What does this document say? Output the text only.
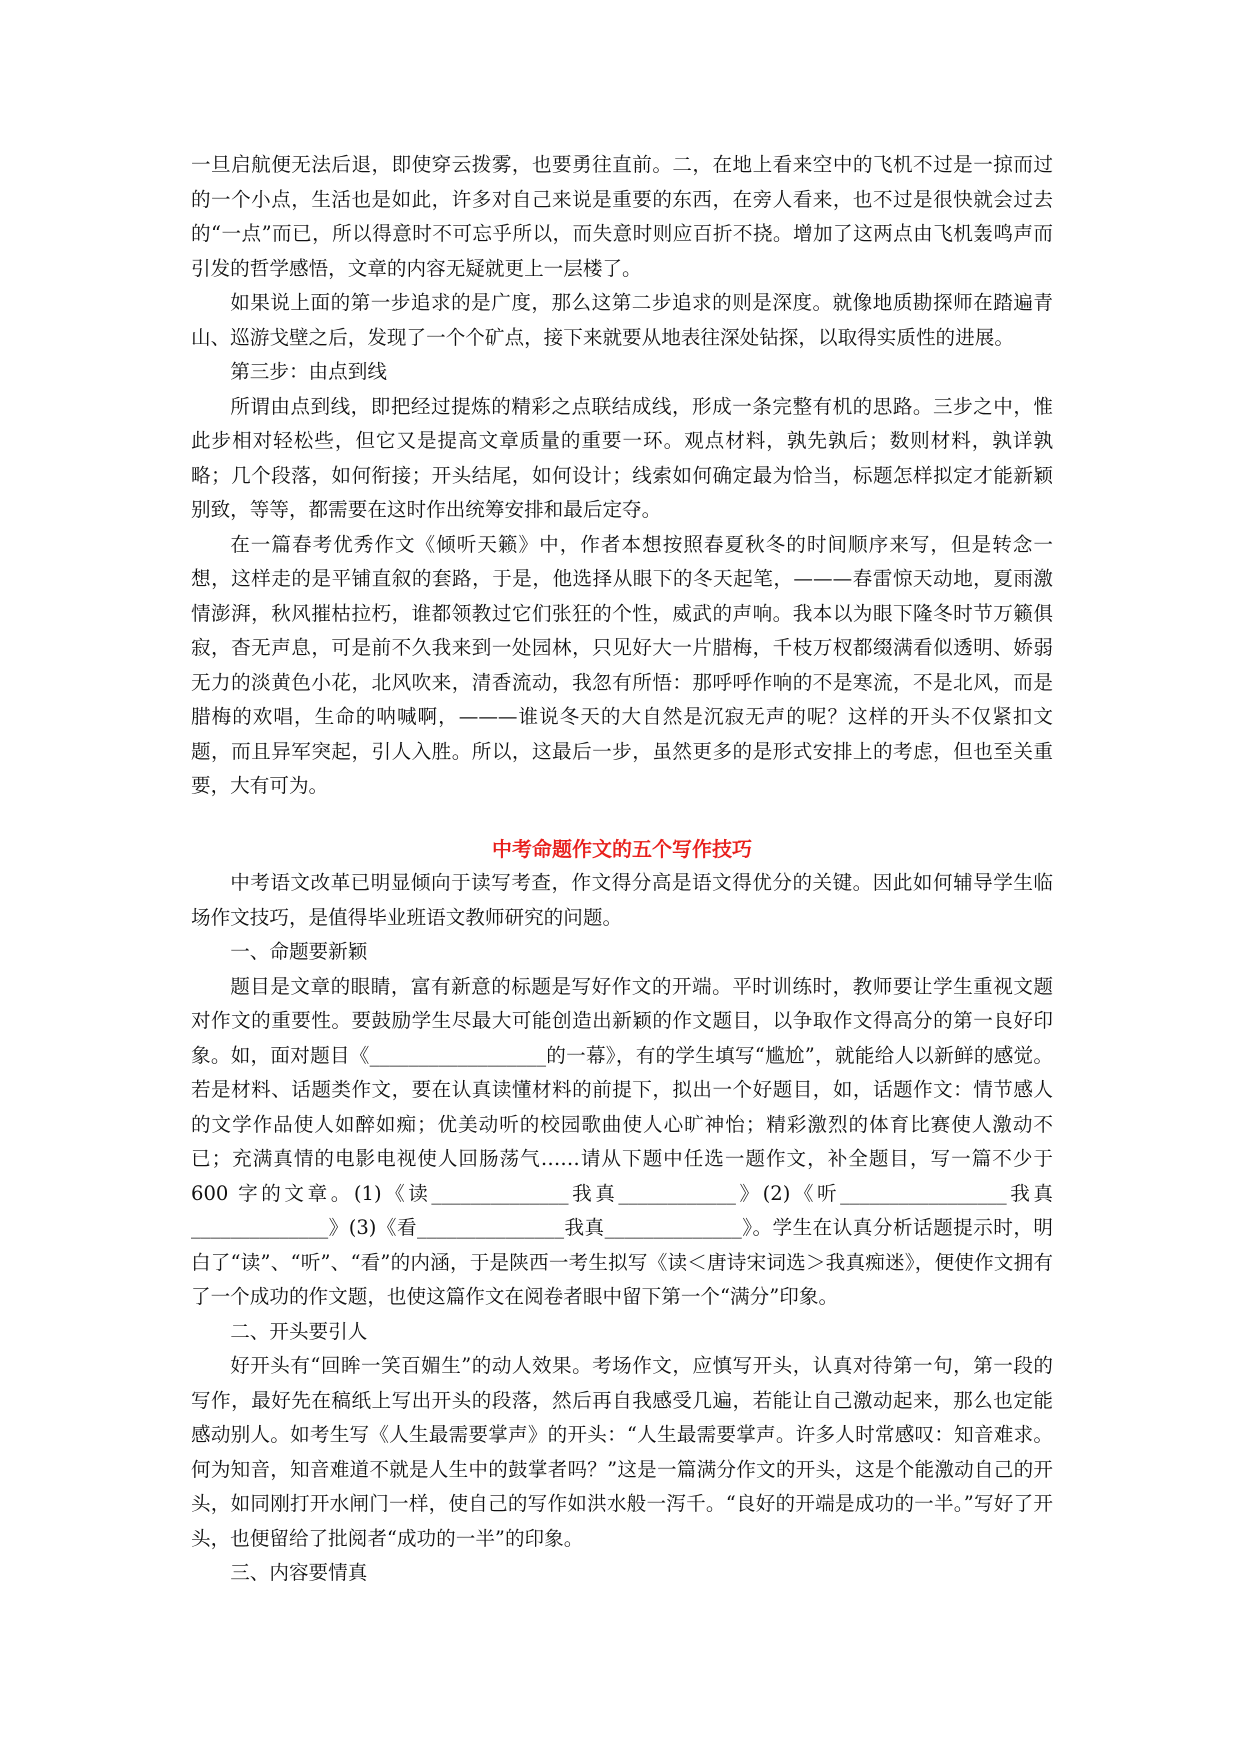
一旦启航便无法后退，即使穿云拨雾，也要勇往直前。二，在地上看来空中的飞机不过是一掠而过的一个小点，生活也是如此，许多对自己来说是重要的东西，在旁人看来，也不过是很快就会过去的“一点”而已，所以得意时不可忘乎所以，而失意时则应百折不挠。增加了这两点由飞机轰鸣声而引发的哲学感悟，文章的内容无疑就更上一层楼了。

如果说上面的第一步追求的是广度，那么这第二步追求的则是深度。就像地质勘探师在踏遍青山、巡游戈壁之后，发现了一个个矿点，接下来就要从地表往深处钻探，以取得实质性的进展。

第三步：由点到线

所谓由点到线，即把经过提炼的精彩之点联结成线，形成一条完整有机的思路。三步之中，惟此步相对轻松些，但它又是提高文章质量的重要一环。观点材料，孰先孰后；数则材料，孰详孰略；几个段落，如何衔接；开头结尾，如何设计；线索如何确定最为恰当，标题怎样拟定才能新颖别致，等等，都需要在这时作出统筹安排和最后定夺。

在一篇春考优秀作文《倾听天籁》中，作者本想按照春夏秋冬的时间顺序来写，但是转念一想，这样走的是平铺直叙的套路，于是，他选择从眼下的冬天起笔，———春雷惊天动地，夏雨激情澎湃，秋风摧枯拉朽，谁都领教过它们张狂的个性，威武的声响。我本以为眼下隆冬时节万籁俱寂，杳无声息，可是前不久我来到一处园林，只见好大一片腊梅，千枝万杈都缀满看似透明、娇弱无力的淡黄色小花，北风吹来，清香流动，我忽有所悟：那呼呼作响的不是寒流，不是北风，而是腊梅的欢唱，生命的呐喊啊，———谁说冬天的大自然是沉寂无声的呢？这样的开头不仅紧扣文题，而且异军突起，引人入胜。所以，这最后一步，虽然更多的是形式安排上的考虑，但也至关重要，大有可为。

中考命题作文的五个写作技巧

中考语文改革已明显倾向于读写考查，作文得分高是语文得优分的关键。因此如何辅导学生临场作文技巧，是值得毕业班语文教师研究的问题。

一、命题要新颖

题目是文章的眼睛，富有新意的标题是写好作文的开端。平时训练时，教师要让学生重视文题对作文的重要性。要鼓励学生尽最大可能创造出新颖的作文题目，以争取作文得高分的第一良好印象。如，面对题目《__________________的一幕》，有的学生填写“尴尬”，就能给人以新鲜的感觉。若是材料、话题类作文，要在认真读懂材料的前提下，拟出一个好题目，如，话题作文：情节感人的文学作品使人如醉如痴；优美动听的校园歌曲使人心旷神怡；精彩激烈的体育比赛使人激动不已；充满真情的电影电视使人回肠荡气……请从下题中任选一题作文，补全题目，写一篇不少于 600 字的文章。(1)《读______________我真____________》(2)《听_________________我真______________》(3)《看_______________我真______________》。学生在认真分析话题提示时，明白了“读”、“听”、“看”的内涵，于是陕西一考生拟写《读＜唐诗宋词选＞我真痴迷》，便使作文拥有了一个成功的作文题，也使这篇作文在阅卷者眼中留下第一个“满分”印象。

二、开头要引人

好开头有“回眸一笑百媚生”的动人效果。考场作文，应慎写开头，认真对待第一句，第一段的写作，最好先在稿纸上写出开头的段落，然后再自我感受几遍，若能让自己激动起来，那么也定能感动别人。如考生写《人生最需要掌声》的开头：“人生最需要掌声。许多人时常感叹：知音难求。何为知音，知音难道不就是人生中的鼓掌者吗？”这是一篇满分作文的开头，这是个能激动自己的开头，如同刚打开水闸门一样，使自己的写作如洪水般一泻千。“良好的开端是成功的一半。”写好了开头，也便留给了批阅者“成功的一半”的印象。

三、内容要情真
